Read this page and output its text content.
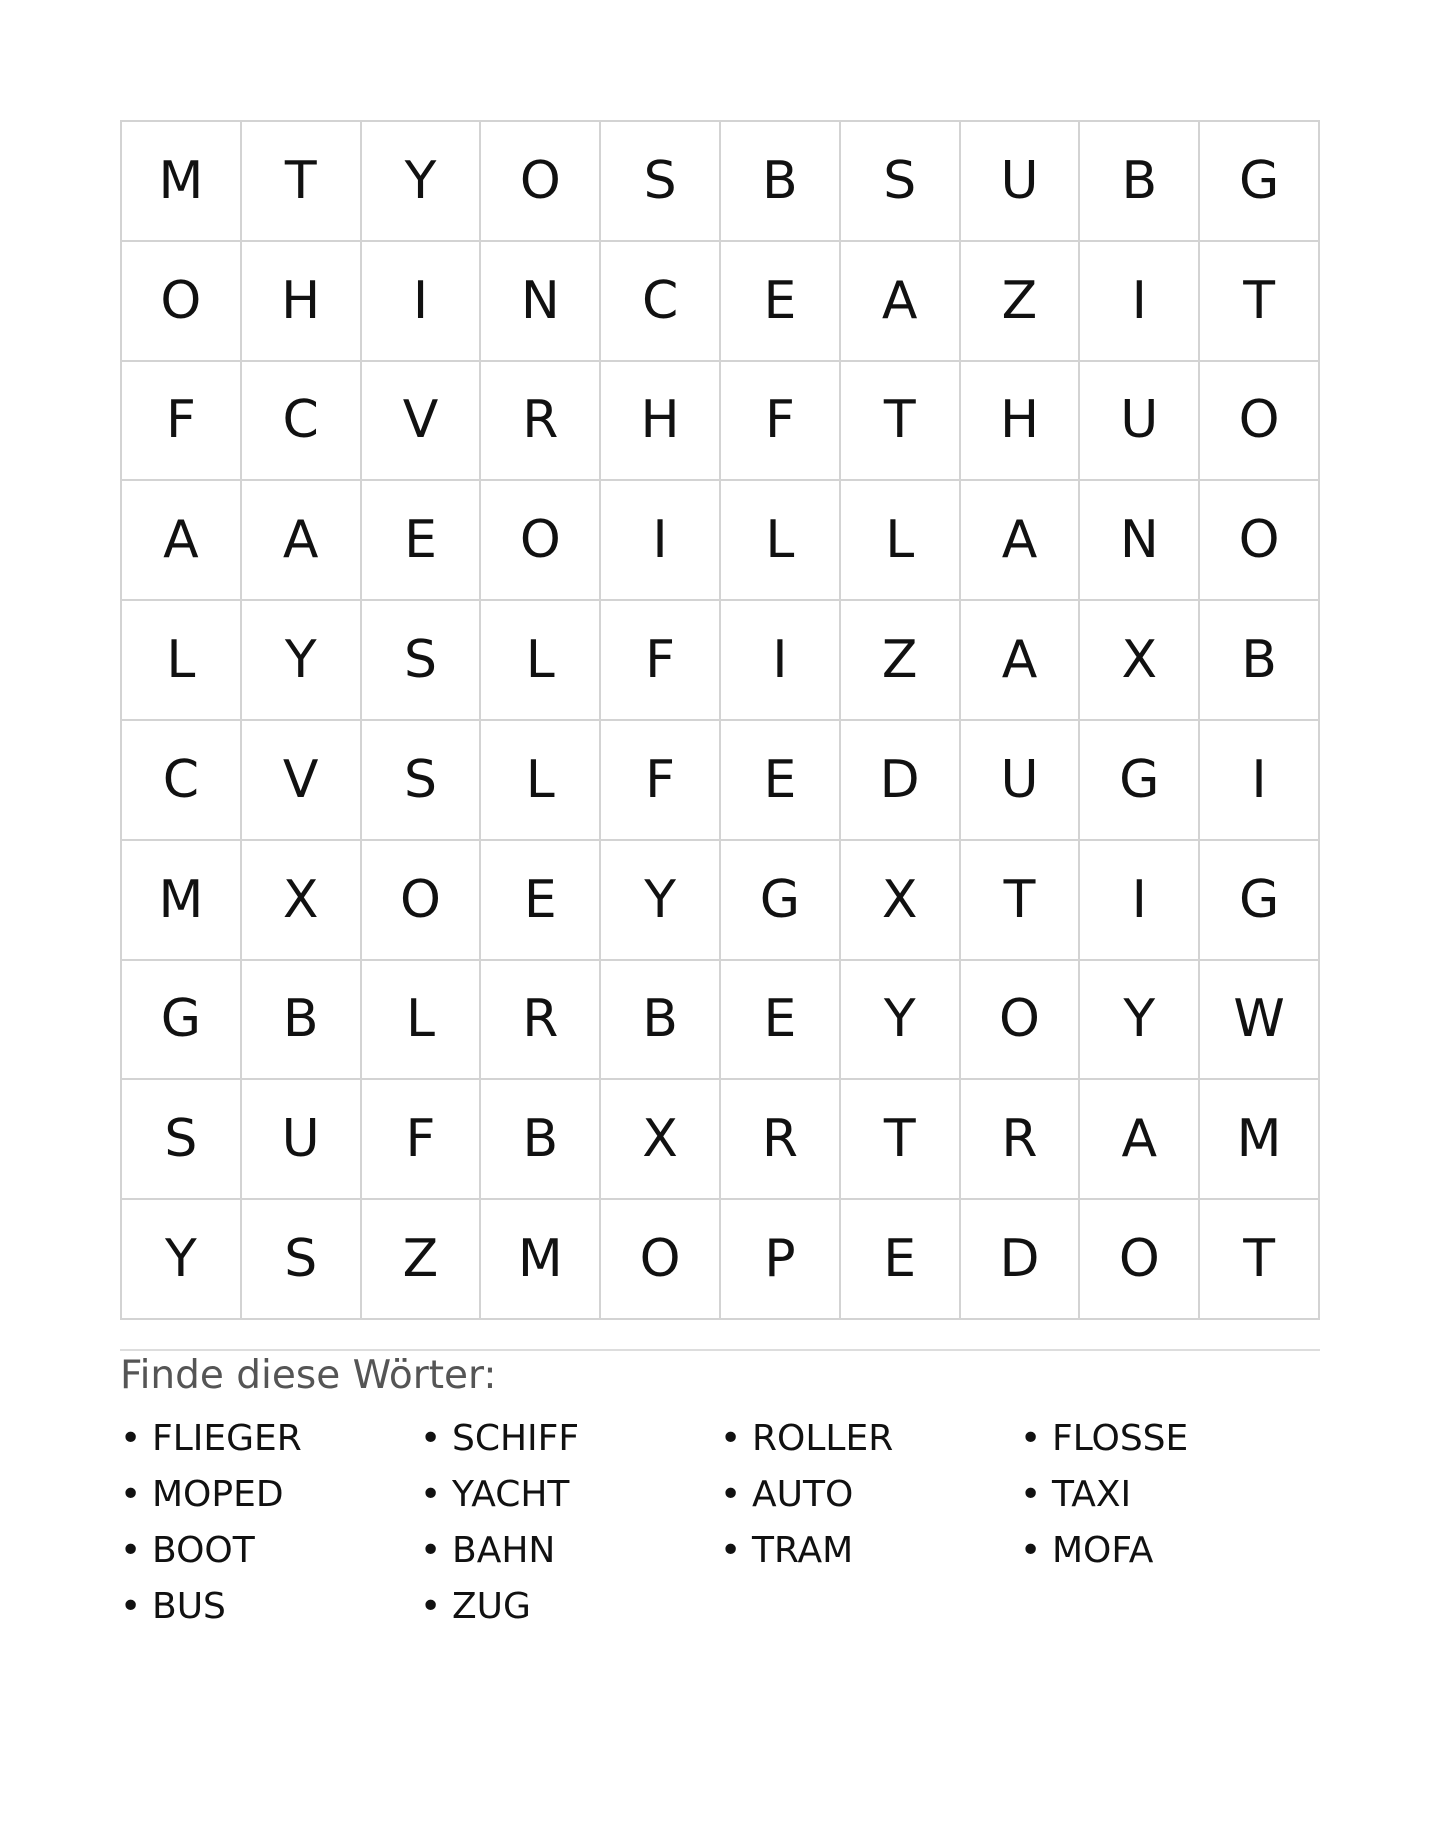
M	T	Y	O	S	B	S	U	B	G
O	H	I	N	C	E	A	Z	I	T
F	C	V	R	H	F	T	H	U	O
A	A	E	O	I	L	L	A	N	O
L	Y	S	L	F	I	Z	A	X	B
C	V	S	L	F	E	D	U	G	I
M	X	O	E	Y	G	X	T	I	G
G	B	L	R	B	E	Y	O	Y	W
S	U	F	B	X	R	T	R	A	M
Y	S	Z	M	O	P	E	D	O	T
Finde diese Wörter:
• FLIEGER	• SCHIFF	• ROLLER	• FLOSSE
• MOPED	• YACHT	• AUTO	• TAXI
• BOOT	• BAHN	• TRAM	• MOFA
• BUS	• ZUG
